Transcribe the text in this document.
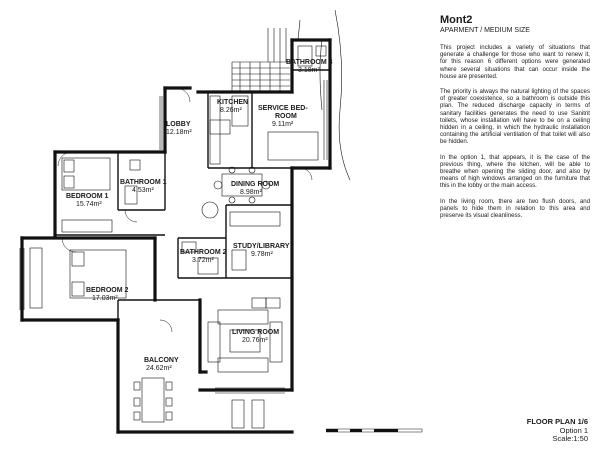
BATHROOM 3
3.18m²
KITCHEN
8.26m² SERVICE BED-
ROOM
9.11m²
LOBBY
12.18m²
BATHROOM 1
4.53m²
BEDROOM 1
15.74m²
DINING ROOM
8.98m²
STUDY/LIBRARY
9.78m²
BATHROOM 2
3.72m²
BEDROOM 2
17.03m²
LIVING ROOM
20.76m²
BALCONY
24.62m²

Mont2

APARMENT / MEDIUM SIZE

This project includes a variety of situations that generate a challenge for those who want to renew it, for this reason 6 different options were generated where several situations that can occur inside the house are presented.

The priority is always the natural lighting of the spaces of greater coexistence, so a bathroom is outside this plan. The reduced discharge capacity in terms of sanitary facilities generates the need to use Sanitrit toilets, whose installation will have to be on a ceiling hidden in a ceiling, in which the hydraulic installation containing the artificial ventilation of that toilet will also be hidden.

In the option 1, that appears, it is the case of the previous thing, where the kitchen, will be able to breathe when opening the sliding door, and also by means of high windows arranged on the furniture that this in the lobby or the main access.

In the living room, there are two flush doors, and panels to hide them in relation to this area and preserve its visual cleanliness.

FLOOR PLAN 1/6
Option 1
Scale:1:50
